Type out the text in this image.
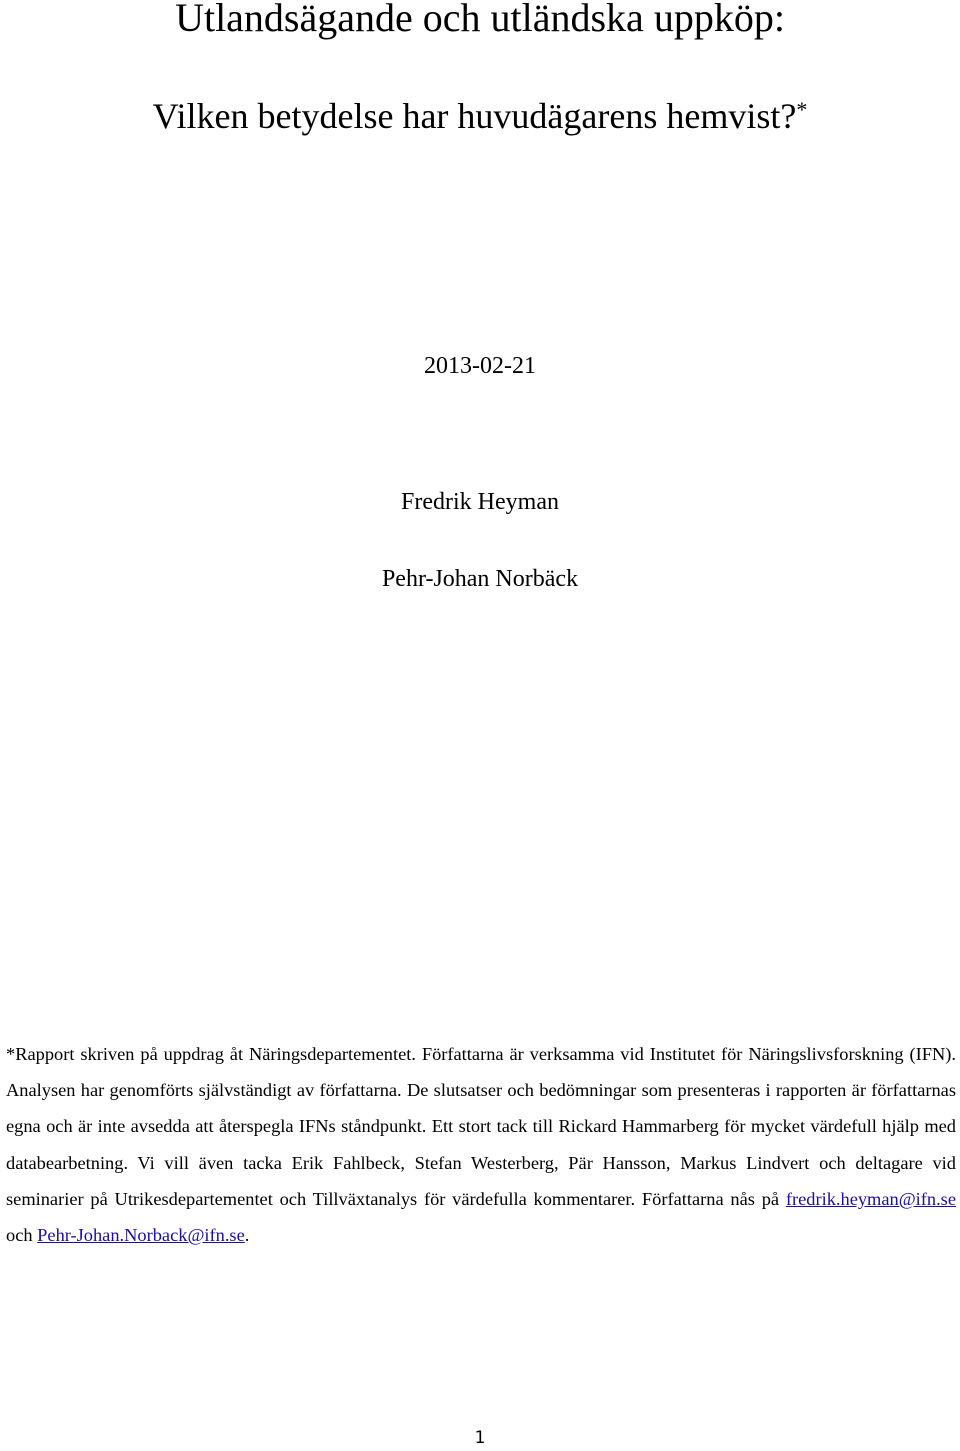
Utlandsägande och utländska uppköp:
Vilken betydelse har huvudägarens hemvist?*
2013-02-21
Fredrik Heyman
Pehr-Johan Norbäck

*Rapport skriven på uppdrag åt Näringsdepartementet. Författarna är verksamma vid Institutet för Näringslivsforskning (IFN). Analysen har genomförts självständigt av författarna. De slutsatser och bedömningar som presenteras i rapporten är författarnas egna och är inte avsedda att återspegla IFNs ståndpunkt. Ett stort tack till Rickard Hammarberg för mycket värdefull hjälp med databearbetning. Vi vill även tacka Erik Fahlbeck, Stefan Westerberg, Pär Hansson, Markus Lindvert och deltagare vid seminarier på Utrikesdepartementet och Tillväxtanalys för värdefulla kommentarer. Författarna nås på fredrik.heyman@ifn.se och Pehr-Johan.Norback@ifn.se.

1
